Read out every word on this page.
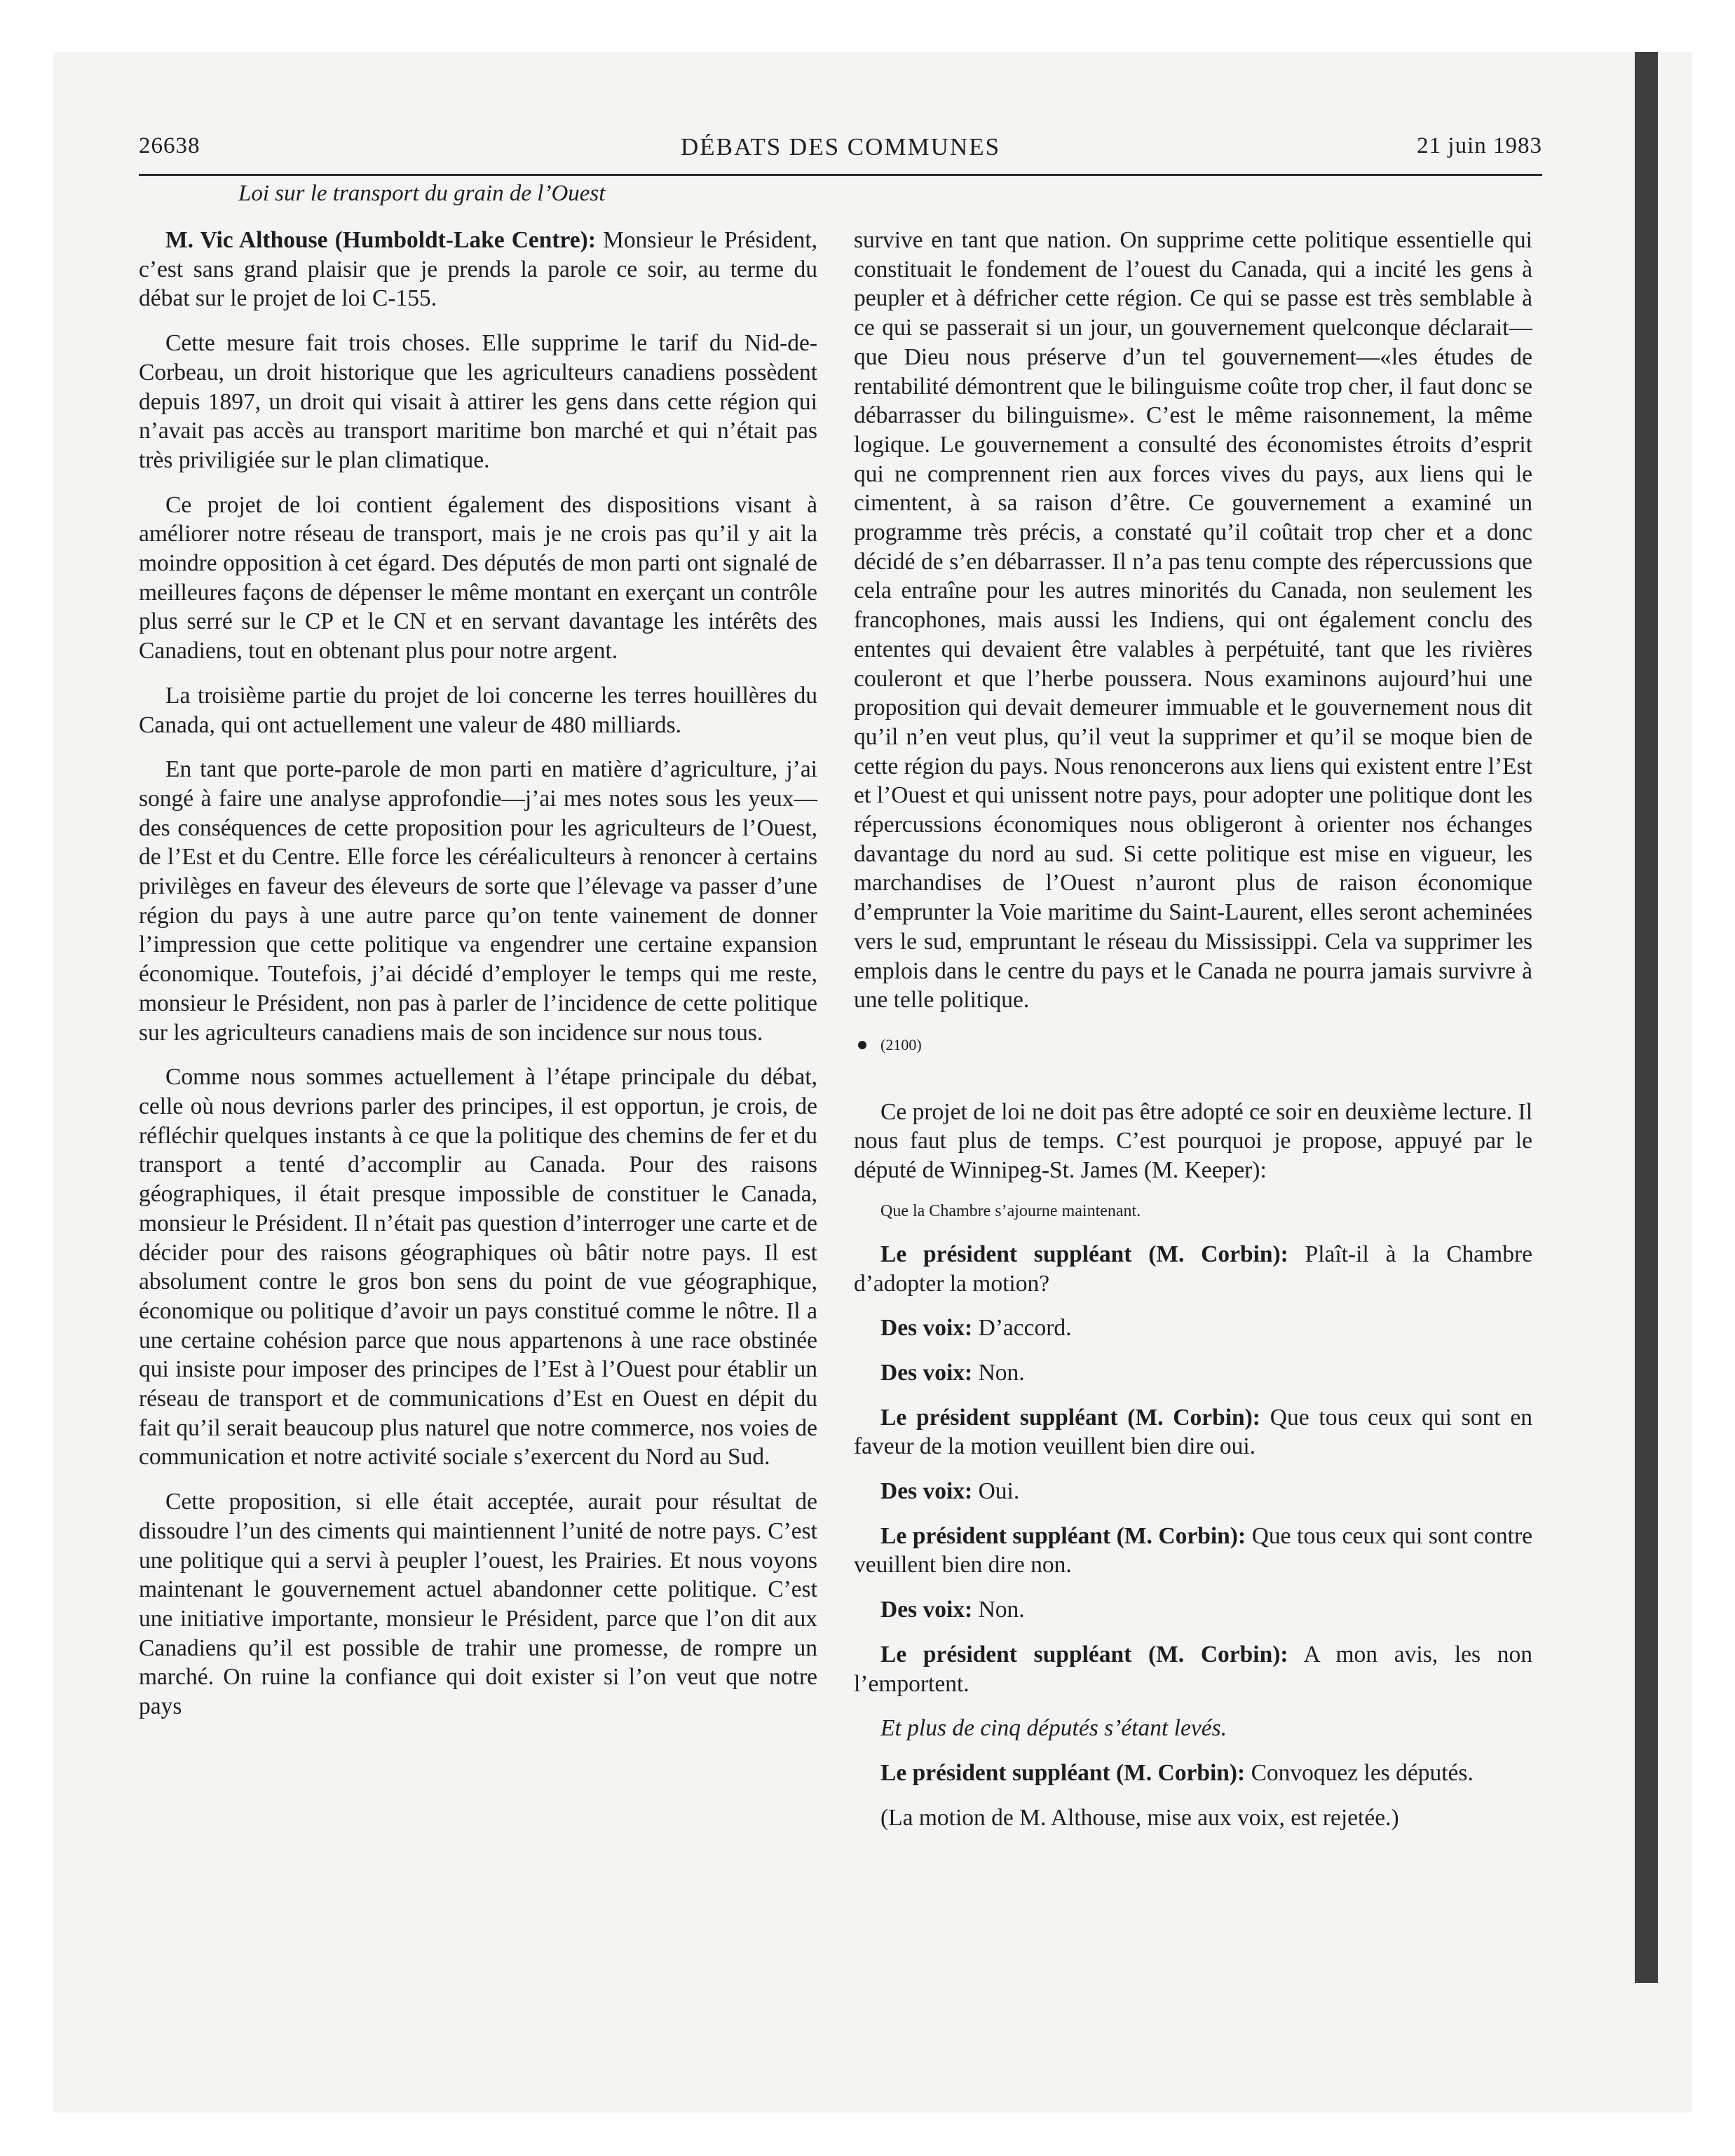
26638	DÉBATS DES COMMUNES	21 juin 1983
Loi sur le transport du grain de l’Ouest

M. Vic Althouse (Humboldt-Lake Centre): Monsieur le Président, c’est sans grand plaisir que je prends la parole ce soir, au terme du débat sur le projet de loi C-155.

Cette mesure fait trois choses. Elle supprime le tarif du Nid-de-Corbeau, un droit historique que les agriculteurs canadiens possèdent depuis 1897, un droit qui visait à attirer les gens dans cette région qui n’avait pas accès au transport maritime bon marché et qui n’était pas très priviligiée sur le plan climatique.

Ce projet de loi contient également des dispositions visant à améliorer notre réseau de transport, mais je ne crois pas qu’il y ait la moindre opposition à cet égard. Des députés de mon parti ont signalé de meilleures façons de dépenser le même montant en exerçant un contrôle plus serré sur le CP et le CN et en servant davantage les intérêts des Canadiens, tout en obtenant plus pour notre argent.

La troisième partie du projet de loi concerne les terres houillères du Canada, qui ont actuellement une valeur de 480 milliards.

En tant que porte-parole de mon parti en matière d’agriculture, j’ai songé à faire une analyse approfondie—j’ai mes notes sous les yeux—des conséquences de cette proposition pour les agriculteurs de l’Ouest, de l’Est et du Centre. Elle force les céréaliculteurs à renoncer à certains privilèges en faveur des éleveurs de sorte que l’élevage va passer d’une région du pays à une autre parce qu’on tente vainement de donner l’impression que cette politique va engendrer une certaine expansion économique. Toutefois, j’ai décidé d’employer le temps qui me reste, monsieur le Président, non pas à parler de l’incidence de cette politique sur les agriculteurs canadiens mais de son incidence sur nous tous.

Comme nous sommes actuellement à l’étape principale du débat, celle où nous devrions parler des principes, il est opportun, je crois, de réfléchir quelques instants à ce que la politique des chemins de fer et du transport a tenté d’accomplir au Canada. Pour des raisons géographiques, il était presque impossible de constituer le Canada, monsieur le Président. Il n’était pas question d’interroger une carte et de décider pour des raisons géographiques où bâtir notre pays. Il est absolument contre le gros bon sens du point de vue géographique, économique ou politique d’avoir un pays constitué comme le nôtre. Il a une certaine cohésion parce que nous appartenons à une race obstinée qui insiste pour imposer des principes de l’Est à l’Ouest pour établir un réseau de transport et de communications d’Est en Ouest en dépit du fait qu’il serait beaucoup plus naturel que notre commerce, nos voies de communication et notre activité sociale s’exercent du Nord au Sud.

Cette proposition, si elle était acceptée, aurait pour résultat de dissoudre l’un des ciments qui maintiennent l’unité de notre pays. C’est une politique qui a servi à peupler l’ouest, les Prairies. Et nous voyons maintenant le gouvernement actuel abandonner cette politique. C’est une initiative importante, monsieur le Président, parce que l’on dit aux Canadiens qu’il est possible de trahir une promesse, de rompre un marché. On ruine la confiance qui doit exister si l’on veut que notre pays

survive en tant que nation. On supprime cette politique essentielle qui constituait le fondement de l’ouest du Canada, qui a incité les gens à peupler et à défricher cette région. Ce qui se passe est très semblable à ce qui se passerait si un jour, un gouvernement quelconque déclarait—que Dieu nous préserve d’un tel gouvernement—«les études de rentabilité démontrent que le bilinguisme coûte trop cher, il faut donc se débarrasser du bilinguisme». C’est le même raisonnement, la même logique. Le gouvernement a consulté des économistes étroits d’esprit qui ne comprennent rien aux forces vives du pays, aux liens qui le cimentent, à sa raison d’être. Ce gouvernement a examiné un programme très précis, a constaté qu’il coûtait trop cher et a donc décidé de s’en débarrasser. Il n’a pas tenu compte des répercussions que cela entraîne pour les autres minorités du Canada, non seulement les francophones, mais aussi les Indiens, qui ont également conclu des ententes qui devaient être valables à perpétuité, tant que les rivières couleront et que l’herbe poussera. Nous examinons aujourd’hui une proposition qui devait demeurer immuable et le gouvernement nous dit qu’il n’en veut plus, qu’il veut la supprimer et qu’il se moque bien de cette région du pays. Nous renoncerons aux liens qui existent entre l’Est et l’Ouest et qui unissent notre pays, pour adopter une politique dont les répercussions économiques nous obligeront à orienter nos échanges davantage du nord au sud. Si cette politique est mise en vigueur, les marchandises de l’Ouest n’auront plus de raison économique d’emprunter la Voie maritime du Saint-Laurent, elles seront acheminées vers le sud, empruntant le réseau du Mississippi. Cela va supprimer les emplois dans le centre du pays et le Canada ne pourra jamais survivre à une telle politique.

(2100)

Ce projet de loi ne doit pas être adopté ce soir en deuxième lecture. Il nous faut plus de temps. C’est pourquoi je propose, appuyé par le député de Winnipeg-St. James (M. Keeper):

Que la Chambre s’ajourne maintenant.

Le président suppléant (M. Corbin): Plaît-il à la Chambre d’adopter la motion?

Des voix: D’accord.

Des voix: Non.

Le président suppléant (M. Corbin): Que tous ceux qui sont en faveur de la motion veuillent bien dire oui.

Des voix: Oui.

Le président suppléant (M. Corbin): Que tous ceux qui sont contre veuillent bien dire non.

Des voix: Non.

Le président suppléant (M. Corbin): A mon avis, les non l’emportent.

Et plus de cinq députés s’étant levés.

Le président suppléant (M. Corbin): Convoquez les députés.

(La motion de M. Althouse, mise aux voix, est rejetée.)
